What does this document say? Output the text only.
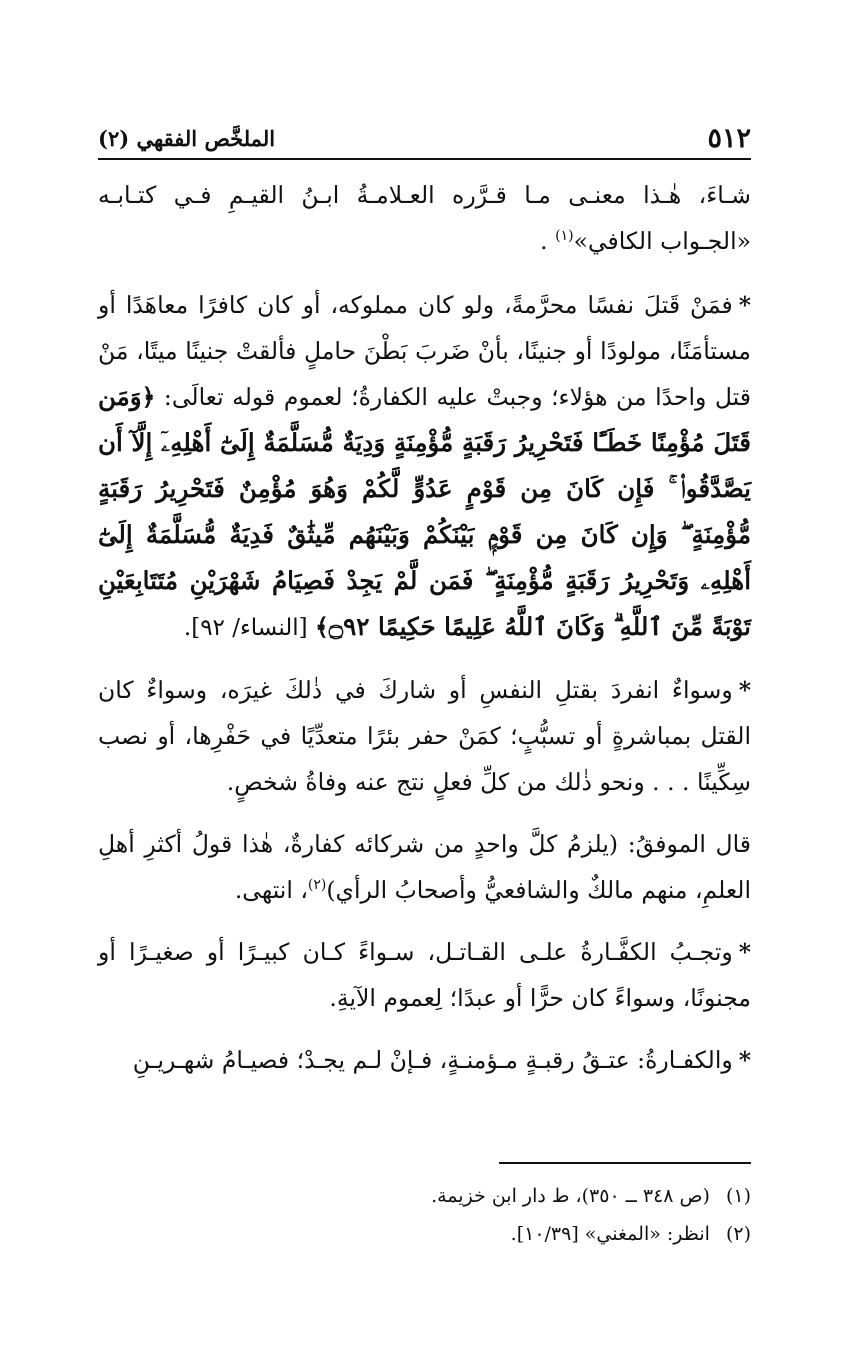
٥١٢
الملخَّص الفقهي (٢)

شـاءَ، هٰـذا معنـى مـا قـرَّره العـلامـةُ ابـنُ القيـمِ فـي كتـابـه «الجـواب الكافي»$^{(١)}$ .

*فمَنْ قَتلَ نفسًا محرَّمةً، ولو كان مملوكه، أو كان كافرًا معاهَدًا أو مستأمَنًا، مولودًا أو جنينًا، بأنْ ضَربَ بَطْنَ حاملٍ فألقتْ جنينًا ميتًا، مَنْ قتل واحدًا من هؤلاء؛ وجبتْ عليه الكفارةُ؛ لعموم قوله تعالَى: ﴿وَمَن قَتَلَ مُؤْمِنًا خَطَـًٔا فَتَحْرِيرُ رَقَبَةٍ مُّؤْمِنَةٍ وَدِيَةٌ مُّسَلَّمَةٌ إِلَىٰٓ أَهْلِهِۦٓ إِلَّآ أَن يَصَّدَّقُوا۟ ۚ فَإِن كَانَ مِن قَوْمٍ عَدُوٍّ لَّكُمْ وَهُوَ مُؤْمِنٌ فَتَحْرِيرُ رَقَبَةٍ مُّؤْمِنَةٍ ۖ وَإِن كَانَ مِن قَوْمٍۭ بَيْنَكُمْ وَبَيْنَهُم مِّيثَٰقٌ فَدِيَةٌ مُّسَلَّمَةٌ إِلَىٰٓ أَهْلِهِۦ وَتَحْرِيرُ رَقَبَةٍ مُّؤْمِنَةٍ ۖ فَمَن لَّمْ يَجِدْ فَصِيَامُ شَهْرَيْنِ مُتَتَابِعَيْنِ تَوْبَةً مِّنَ ٱللَّهِ ۗ وَكَانَ ٱللَّهُ عَلِيمًا حَكِيمًا ۝٩٢﴾ [النساء/ ٩٢].

*وسواءٌ انفردَ بقتلِ النفسِ أو شاركَ في ذٰلكَ غيرَه، وسواءٌ كان القتل بمباشرةٍ أو تسبُّبٍ؛ كمَنْ حفر بئرًا متعدِّيًا في حَفْرِها، أو نصب سِكِّينًا . . . ونحو ذٰلك من كلِّ فعلٍ نتج عنه وفاةُ شخصٍ.

قال الموفقُ: (يلزمُ كلَّ واحدٍ من شركائه كفارةٌ، هٰذا قولُ أكثرِ أهلِ العلمِ، منهم مالكٌ والشافعيُّ وأصحابُ الرأي)$^{(٢)}$، انتهى.

*وتجـبُ الكفَّـارةُ علـى القـاتـل، سـواءً كـان كبيـرًا أو صغيـرًا أو مجنونًا، وسواءً كان حرًّا أو عبدًا؛ لِعموم الآيةِ.

*والكفـارةُ: عتـقُ رقبـةٍ مـؤمنـةٍ، فـإنْ لـم يجـدْ؛ فصيـامُ شهـريـنِ

(١)(ص ٣٤٨ ــ ٣٥٠)، ط دار ابن خزيمة.

(٢)انظر: «المغني» [١٠/٣٩].
